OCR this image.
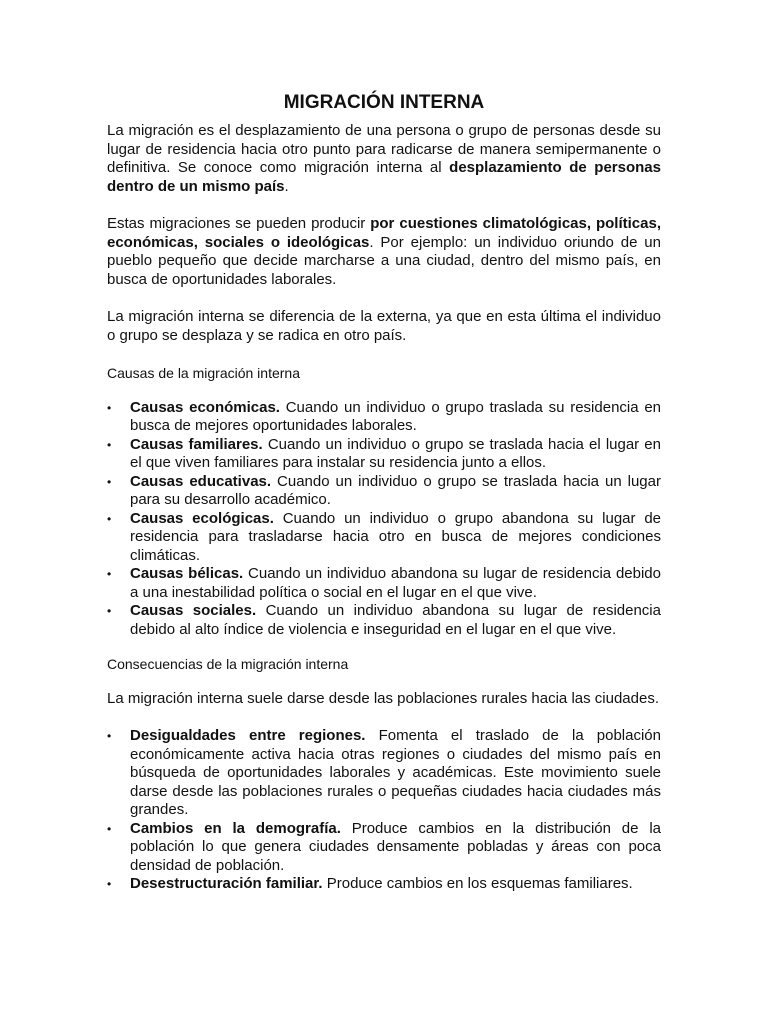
MIGRACIÓN INTERNA

La migración es el desplazamiento de una persona o grupo de personas desde su lugar de residencia hacia otro punto para radicarse de manera semipermanente o definitiva. Se conoce como migración interna al desplazamiento de personas dentro de un mismo país.

Estas migraciones se pueden producir por cuestiones climatológicas, políticas, económicas, sociales o ideológicas. Por ejemplo: un individuo oriundo de un pueblo pequeño que decide marcharse a una ciudad, dentro del mismo país, en busca de oportunidades laborales.

La migración interna se diferencia de la externa, ya que en esta última el individuo o grupo se desplaza y se radica en otro país.

Causas de la migración interna
• Causas económicas. Cuando un individuo o grupo traslada su residencia en busca de mejores oportunidades laborales.
• Causas familiares. Cuando un individuo o grupo se traslada hacia el lugar en el que viven familiares para instalar su residencia junto a ellos.
• Causas educativas. Cuando un individuo o grupo se traslada hacia un lugar para su desarrollo académico.
• Causas ecológicas. Cuando un individuo o grupo abandona su lugar de residencia para trasladarse hacia otro en busca de mejores condiciones climáticas.
• Causas bélicas. Cuando un individuo abandona su lugar de residencia debido a una inestabilidad política o social en el lugar en el que vive.
• Causas sociales. Cuando un individuo abandona su lugar de residencia debido al alto índice de violencia e inseguridad en el lugar en el que vive.
Consecuencias de la migración interna

La migración interna suele darse desde las poblaciones rurales hacia las ciudades.

• Desigualdades entre regiones. Fomenta el traslado de la población económicamente activa hacia otras regiones o ciudades del mismo país en búsqueda de oportunidades laborales y académicas. Este movimiento suele darse desde las poblaciones rurales o pequeñas ciudades hacia ciudades más grandes.
• Cambios en la demografía. Produce cambios en la distribución de la población lo que genera ciudades densamente pobladas y áreas con poca densidad de población.
• Desestructuración familiar. Produce cambios en los esquemas familiares.
